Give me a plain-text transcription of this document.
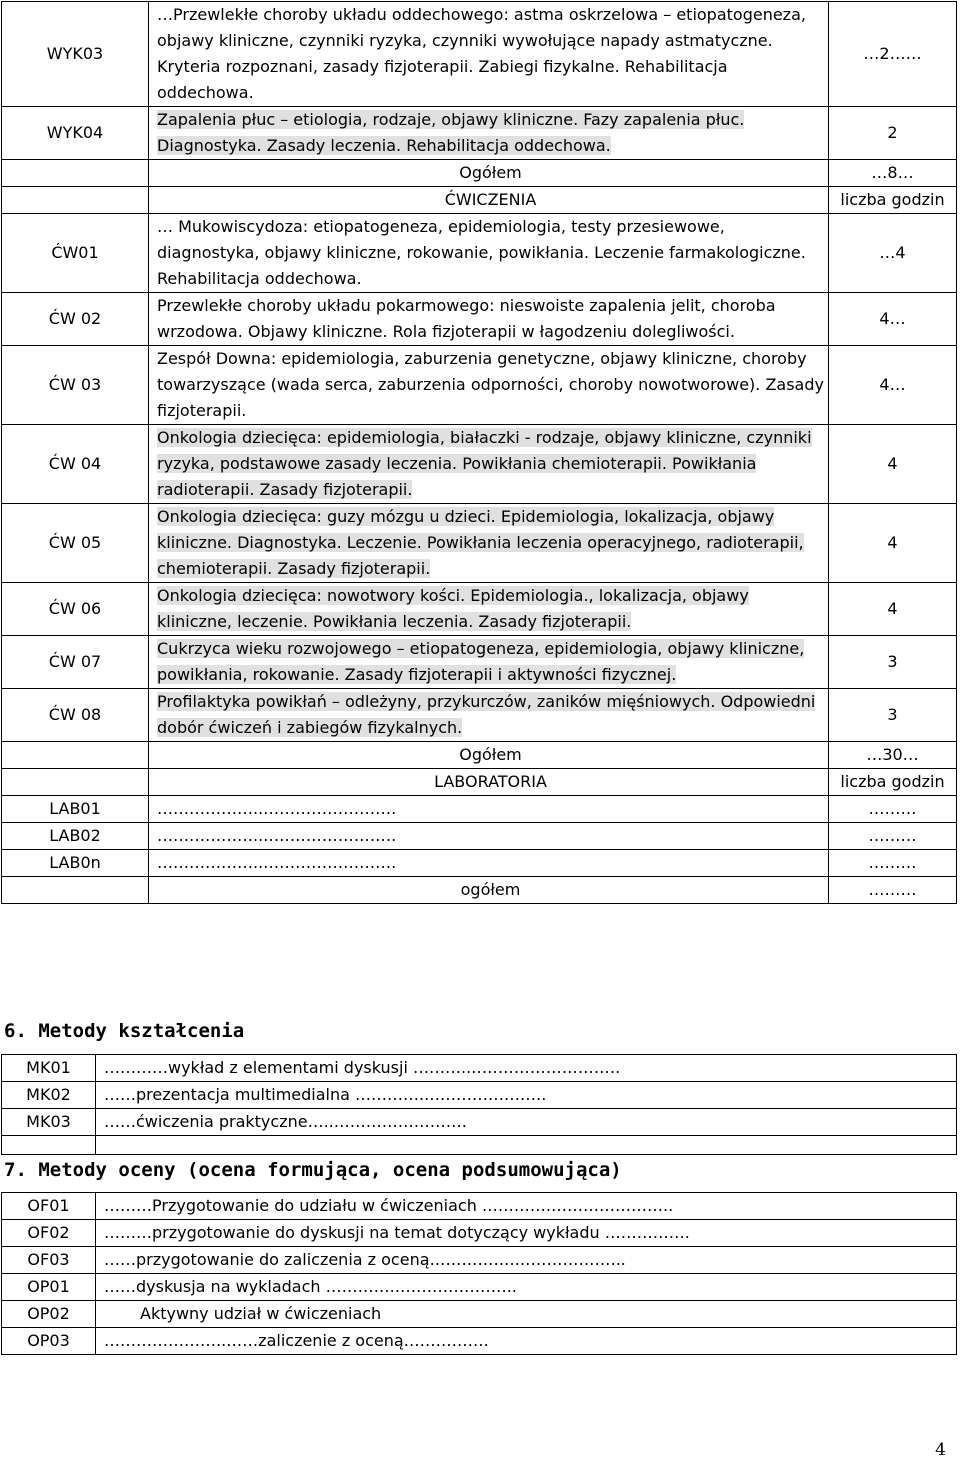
WYK03	…Przewlekłe choroby układu oddechowego: astma oskrzelowa – etiopatogeneza, objawy kliniczne, czynniki ryzyka, czynniki wywołujące napady astmatyczne. Kryteria rozpoznani, zasady fizjoterapii. Zabiegi fizykalne. Rehabilitacja oddechowa.	…2……
WYK04	Zapalenia płuc – etiologia, rodzaje, objawy kliniczne. Fazy zapalenia płuc. Diagnostyka. Zasady leczenia. Rehabilitacja oddechowa.	2
	Ogółem	…8…
	ĆWICZENIA	liczba godzin
ĆW01	… Mukowiscydoza: etiopatogeneza, epidemiologia, testy przesiewowe, diagnostyka, objawy kliniczne, rokowanie, powikłania. Leczenie farmakologiczne. Rehabilitacja oddechowa.	…4
ĆW 02	Przewlekłe choroby układu pokarmowego: nieswoiste zapalenia jelit, choroba wrzodowa. Objawy kliniczne. Rola fizjoterapii w łagodzeniu dolegliwości.	4…
ĆW 03	Zespół Downa: epidemiologia, zaburzenia genetyczne, objawy kliniczne, choroby towarzyszące (wada serca, zaburzenia odporności, choroby nowotworowe). Zasady fizjoterapii.	4…
ĆW 04	Onkologia dziecięca: epidemiologia, białaczki - rodzaje, objawy kliniczne, czynniki ryzyka, podstawowe zasady leczenia. Powikłania chemioterapii. Powikłania radioterapii. Zasady fizjoterapii.	4
ĆW 05	Onkologia dziecięca: guzy mózgu u dzieci. Epidemiologia, lokalizacja, objawy kliniczne. Diagnostyka. Leczenie. Powikłania leczenia operacyjnego, radioterapii, chemioterapii. Zasady fizjoterapii.	4
ĆW 06	Onkologia dziecięca: nowotwory kości. Epidemiologia., lokalizacja, objawy kliniczne, leczenie. Powikłania leczenia. Zasady fizjoterapii.	4
ĆW 07	Cukrzyca wieku rozwojowego – etiopatogeneza, epidemiologia, objawy kliniczne, powikłania, rokowanie. Zasady fizjoterapii i aktywności fizycznej.	3
ĆW 08	Profilaktyka powikłań – odleżyny, przykurczów, zaników mięśniowych. Odpowiedni dobór ćwiczeń i zabiegów fizykalnych.	3
	Ogółem	…30…
	LABORATORIA	liczba godzin
LAB01	………………..…………………….	………
LAB02	………………..…………………….	………
LAB0n	………………..…………………….	………
	ogółem	………
6. Metody kształcenia
MK01	…………wykład z elementami dyskusji ………..……………………….
MK02	……prezentacja multimedialna …………..………………….
MK03	……ćwiczenia praktyczne…..…………………….

7. Metody oceny (ocena formująca, ocena podsumowująca)
OF01	………Przygotowanie do udziału w ćwiczeniach ………….…………………..
OF02	………przygotowanie do dyskusji na temat dotyczący wykładu …………….
OF03	……przygotowanie do zaliczenia z oceną……………..………………..
OP01	……dyskusja na wykladach ………….…………………..
OP02	Aktywny udział w ćwiczeniach
OP03	…………………..……zaliczenie z oceną…………….
4
